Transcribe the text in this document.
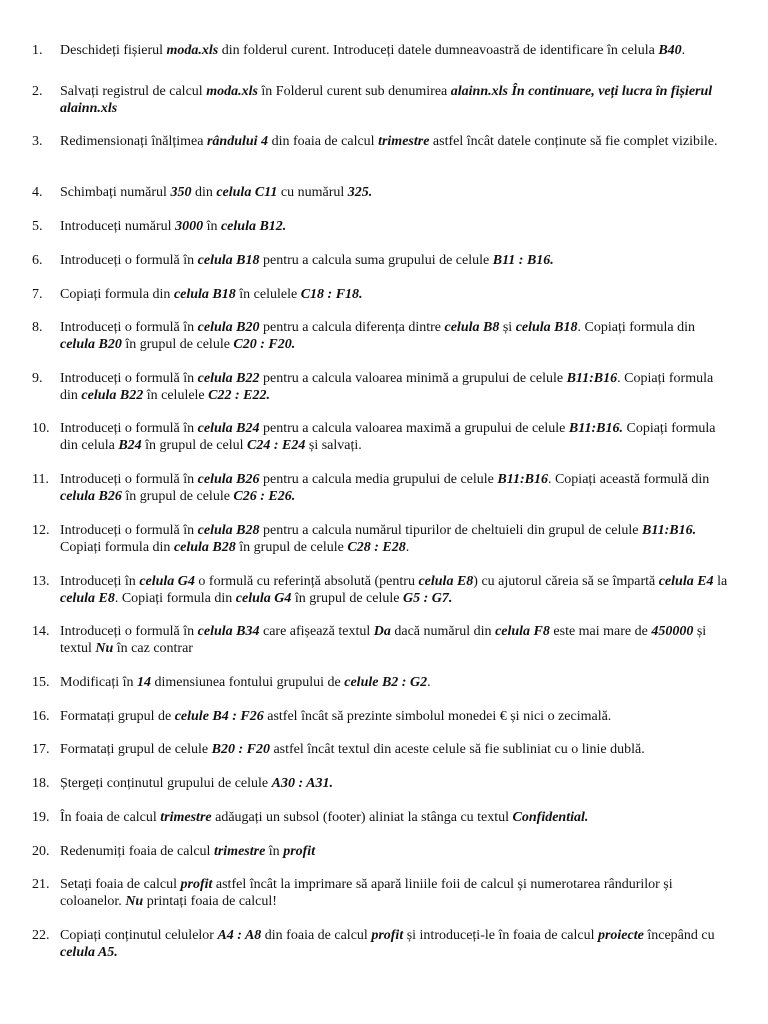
1.	Deschideți fișierul moda.xls din folderul curent. Introduceți datele dumneavoastră de identificare în celula B40.
2.	Salvați registrul de calcul moda.xls în Folderul curent sub denumirea alainn.xls În continuare, veți lucra în fișierul alainn.xls
3.	Redimensionați înălțimea rândului 4 din foaia de calcul trimestre astfel încât datele conținute să fie complet vizibile.
4.	Schimbați numărul 350 din celula C11 cu numărul 325.
5.	Introduceți numărul 3000 în celula B12.
6.	Introduceți o formulă în celula B18 pentru a calcula suma grupului de celule B11 : B16.
7.	Copiați formula din celula B18 în celulele C18 : F18.
8.	Introduceți o formulă în celula B20 pentru a calcula diferența dintre celula B8 și celula B18. Copiați formula din celula B20 în grupul de celule C20 : F20.
9.	Introduceți o formulă în celula B22 pentru a calcula valoarea minimă a grupului de celule B11:B16. Copiați formula din celula B22 în celulele C22 : E22.
10. Introduceți o formulă în celula B24 pentru a calcula valoarea maximă a grupului de celule B11:B16. Copiați formula din celula B24 în grupul de celul C24 : E24 și salvați.
11. Introduceți o formulă în celula B26 pentru a calcula media grupului de celule B11:B16. Copiați această formulă din celula B26 în grupul de celule C26 : E26.
12. Introduceți o formulă în celula B28 pentru a calcula numărul tipurilor de cheltuieli din grupul de celule B11:B16. Copiați formula din celula B28 în grupul de celule C28 : E28.
13. Introduceți în celula G4 o formulă cu referință absolută (pentru celula E8) cu ajutorul căreia să se împartă celula E4 la celula E8. Copiați formula din celula G4 în grupul de celule G5 : G7.
14. Introduceți o formulă în celula B34 care afișează textul Da dacă numărul din celula F8 este mai mare de 450000 și textul Nu în caz contrar
15. Modificați în 14 dimensiunea fontului grupului de celule B2 : G2.
16. Formatați grupul de celule B4 : F26 astfel încât să prezinte simbolul monedei € și nici o zecimală.
17. Formatați grupul de celule B20 : F20 astfel încât textul din aceste celule să fie subliniat cu o linie dublă.
18. Ștergeți conținutul grupului de celule A30 : A31.
19. În foaia de calcul trimestre adăugați un subsol (footer) aliniat la stânga cu textul Confidential.
20. Redenumiți foaia de calcul trimestre în profit
21. Setați foaia de calcul profit astfel încât la imprimare să apară liniile foii de calcul și numerotarea rândurilor și coloanelor. Nu printați foaia de calcul!
22. Copiați conținutul celulelor A4 : A8 din foaia de calcul profit și introduceți-le în foaia de calcul proiecte începând cu celula A5.
